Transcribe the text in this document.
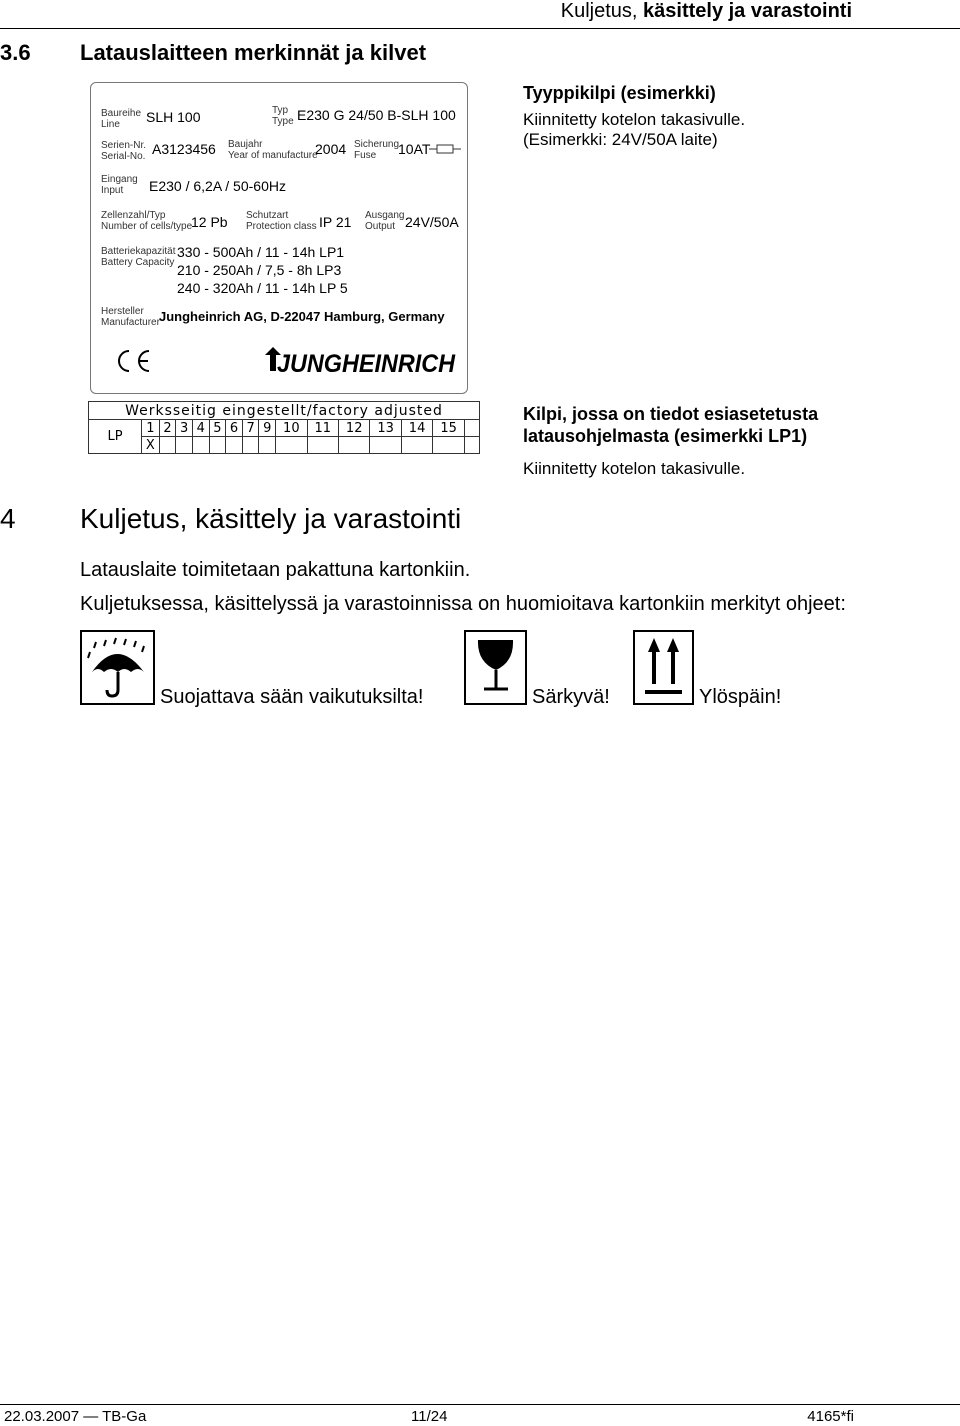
Kuljetus, käsittely ja varastointi
3.6 Latauslaitteen merkinnät ja kilvet
Baureihe
Line	SLH 100	Typ
Type E230 G 24/50 B-SLH 100
Serien-Nr.
Serial-No. A3123456 Baujahr
Year of manufacture
2004 Sicherung
Fuse	10AT
Eingang
Input	E230 / 6,2A / 50-60Hz
Zellenzahl/Typ
Number of cells/type
12 Pb Schutzart
Protection class IP 21 Ausgang
Output 24V/50A
Batteriekapazität
Battery Capacity
330 - 500Ah / 11 - 14h LP1
210 - 250Ah / 7,5 - 8h LP3
240 - 320Ah / 11 - 14h LP 5
Hersteller
Manufacturer Jungheinrich AG, D-22047 Hamburg, Germany
JUNGHEINRICH
Tyyppikilpi (esimerkki)
Kiinnitetty kotelon takasivulle.
(Esimerkki: 24V/50A laite)
Werksseitig eingestellt/factory adjusted															
LP	1	2	3	4	5	6	7	9	10	11	12	13	14	15	
	X														
Kilpi, jossa on tiedot esiasetetusta
latausohjelmasta (esimerkki LP1)
Kiinnitetty kotelon takasivulle.
4 Kuljetus, käsittely ja varastointi
Latauslaite toimitetaan pakattuna kartonkiin.
Kuljetuksessa, käsittelyssä ja varastoinnissa on huomioitava kartonkiin merkityt ohjeet:
Suojattava sään vaikutuksilta!	Särkyvä!	Ylöspäin!
22.03.2007 — TB-Ga	11/24	4165*fi
